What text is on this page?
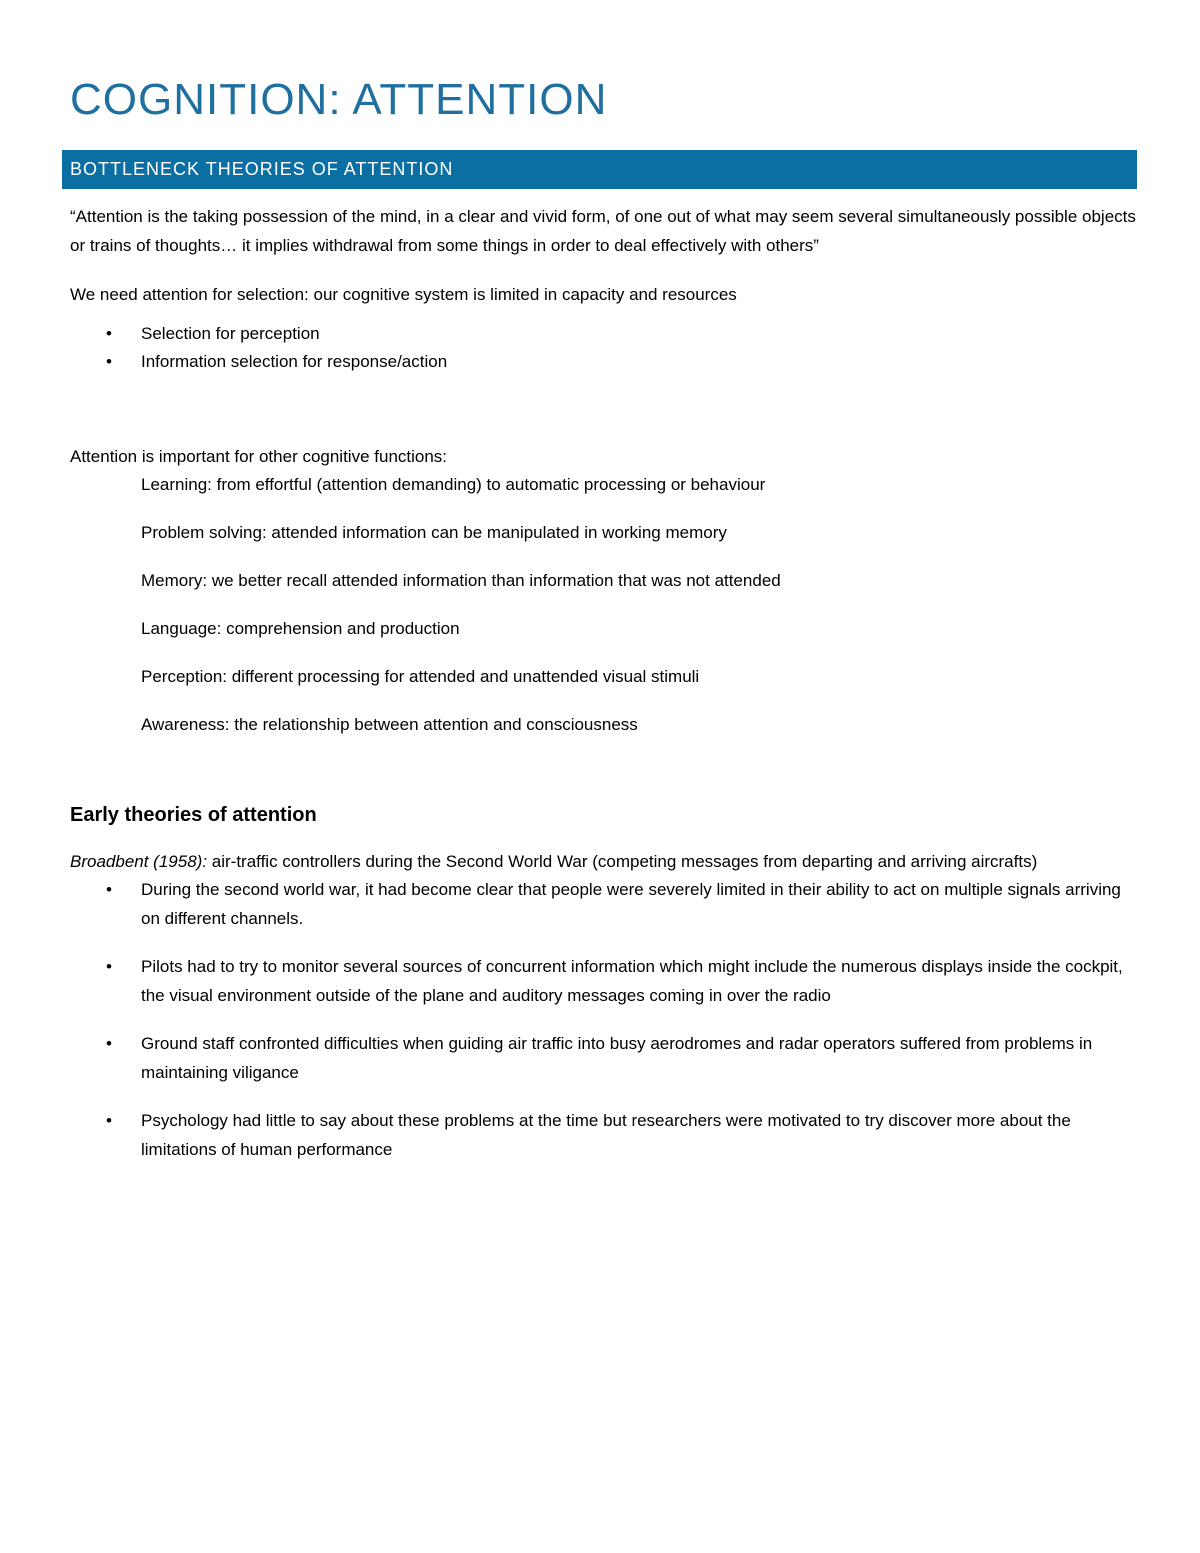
COGNITION: ATTENTION
BOTTLENECK THEORIES OF ATTENTION

“Attention is the taking possession of the mind, in a clear and vivid form, of one out of what may seem several simultaneously possible objects or trains of thoughts… it implies withdrawal from some things in order to deal effectively with others”

We need attention for selection: our cognitive system is limited in capacity and resources

• Selection for perception
• Information selection for response/action

Attention is important for other cognitive functions:

Learning: from effortful (attention demanding) to automatic processing or behaviour
Problem solving: attended information can be manipulated in working memory
Memory: we better recall attended information than information that was not attended
Language: comprehension and production
Perception: different processing for attended and unattended visual stimuli
Awareness: the relationship between attention and consciousness
Early theories of attention

Broadbent (1958): air-traffic controllers during the Second World War (competing messages from departing and arriving aircrafts)

• During the second world war, it had become clear that people were severely limited in their ability to act on multiple signals arriving on different channels.
• Pilots had to try to monitor several sources of concurrent information which might include the numerous displays inside the cockpit, the visual environment outside of the plane and auditory messages coming in over the radio
• Ground staff confronted difficulties when guiding air traffic into busy aerodromes and radar operators suffered from problems in maintaining viligance
• Psychology had little to say about these problems at the time but researchers were motivated to try discover more about the limitations of human performance
